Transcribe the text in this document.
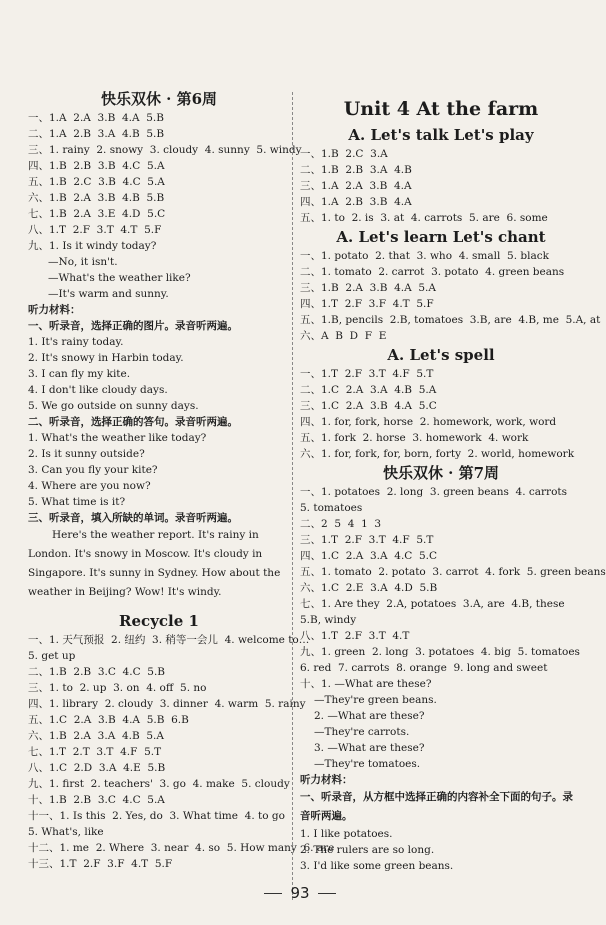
快乐双休 · 第6周
一、1.A  2.A  3.B  4.A  5.B
二、1.A  2.B  3.A  4.B  5.B
三、1. rainy  2. snowy  3. cloudy  4. sunny  5. windy
四、1.B  2.B  3.B  4.C  5.A
五、1.B  2.C  3.B  4.C  5.A
六、1.B  2.A  3.B  4.B  5.B
七、1.B  2.A  3.E  4.D  5.C
八、1.T  2.F  3.T  4.T  5.F
九、1. Is it windy today?
—No, it isn't.
—What's the weather like?
—It's warm and sunny.
听力材料：
一、听录音，选择正确的图片。录音听两遍。
1. It's rainy today.
2. It's snowy in Harbin today.
3. I can fly my kite.
4. I don't like cloudy days.
5. We go outside on sunny days.
二、听录音，选择正确的答句。录音听两遍。
1. What's the weather like today?
2. Is it sunny outside?
3. Can you fly your kite?
4. Where are you now?
5. What time is it?
三、听录音，填入所缺的单词。录音听两遍。
Here's the weather report. It's rainy in London. It's snowy in Moscow. It's cloudy in Singapore. It's sunny in Sydney. How about the weather in Beijing? Wow! It's windy.
Recycle 1
一、1. 天气预报  2. 纽约  3. 稍等一会儿  4. welcome to…
5. get up
二、1.B  2.B  3.C  4.C  5.B
三、1. to  2. up  3. on  4. off  5. no
四、1. library  2. cloudy  3. dinner  4. warm  5. rainy
五、1.C  2.A  3.B  4.A  5.B  6.B
六、1.B  2.A  3.A  4.B  5.A
七、1.T  2.T  3.T  4.F  5.T
八、1.C  2.D  3.A  4.E  5.B
九、1. first  2. teachers'  3. go  4. make  5. cloudy
十、1.B  2.B  3.C  4.C  5.A
十一、1. Is this  2. Yes, do  3. What time  4. to go
5. What's, like
十二、1. me  2. Where  3. near  4. so  5. How many  6. are
十三、1.T  2.F  3.F  4.T  5.F
Unit 4 At the farm
A. Let's talk Let's play
一、1.B  2.C  3.A
二、1.B  2.B  3.A  4.B
三、1.A  2.A  3.B  4.A
四、1.A  2.B  3.B  4.A
五、1. to  2. is  3. at  4. carrots  5. are  6. some
A. Let's learn Let's chant
一、1. potato  2. that  3. who  4. small  5. black
二、1. tomato  2. carrot  3. potato  4. green beans
三、1.B  2.A  3.B  4.A  5.A
四、1.T  2.F  3.F  4.T  5.F
五、1.B, pencils  2.B, tomatoes  3.B, are  4.B, me  5.A, at
六、A  B  D  F  E
A. Let's spell
一、1.T  2.F  3.T  4.F  5.T
二、1.C  2.A  3.A  4.B  5.A
三、1.C  2.A  3.B  4.A  5.C
四、1. for, fork, horse  2. homework, work, word
五、1. fork  2. horse  3. homework  4. work
六、1. for, fork, for, born, forty  2. world, homework
快乐双休 · 第7周
一、1. potatoes  2. long  3. green beans  4. carrots
5. tomatoes
二、2  5  4  1  3
三、1.T  2.F  3.T  4.F  5.T
四、1.C  2.A  3.A  4.C  5.C
五、1. tomato  2. potato  3. carrot  4. fork  5. green beans
六、1.C  2.E  3.A  4.D  5.B
七、1. Are they  2.A, potatoes  3.A, are  4.B, these
5.B, windy
八、1.T  2.F  3.T  4.T
九、1. green  2. long  3. potatoes  4. big  5. tomatoes
6. red  7. carrots  8. orange  9. long and sweet
十、1. —What are these?
—They're green beans.
2. —What are these?
—They're carrots.
3. —What are these?
—They're tomatoes.
听力材料：
一、听录音，从方框中选择正确的内容补全下面的句子。录音听两遍。
1. I like potatoes.
2. The rulers are so long.
3. I'd like some green beans.
93
